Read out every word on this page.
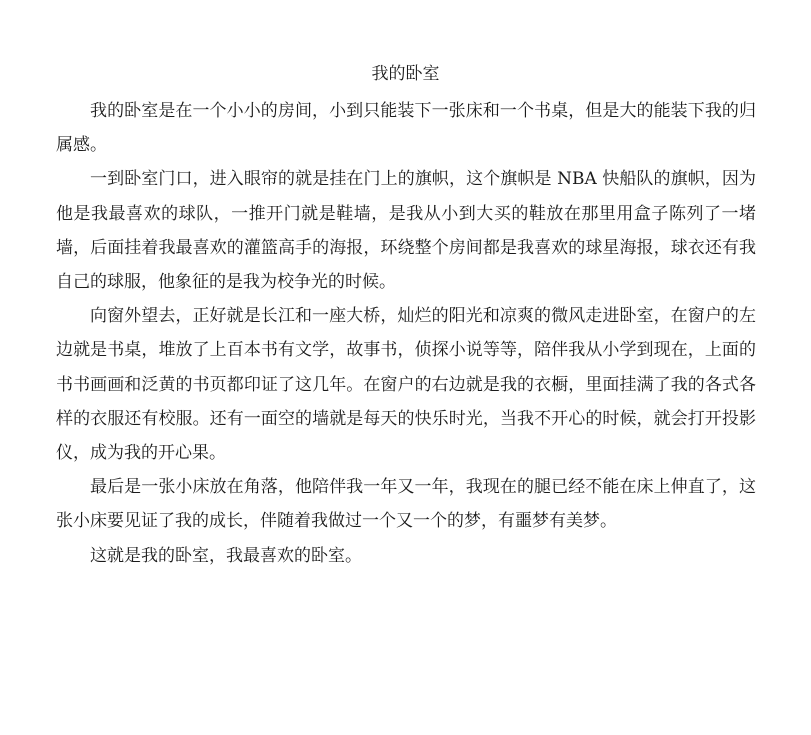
我的卧室

我的卧室是在一个小小的房间，小到只能装下一张床和一个书桌，但是大的能装下我的归属感。

一到卧室门口，进入眼帘的就是挂在门上的旗帜，这个旗帜是 NBA 快船队的旗帜，因为他是我最喜欢的球队，一推开门就是鞋墙，是我从小到大买的鞋放在那里用盒子陈列了一堵墙，后面挂着我最喜欢的灌篮高手的海报，环绕整个房间都是我喜欢的球星海报，球衣还有我自己的球服，他象征的是我为校争光的时候。

向窗外望去，正好就是长江和一座大桥，灿烂的阳光和凉爽的微风走进卧室，在窗户的左边就是书桌，堆放了上百本书有文学，故事书，侦探小说等等，陪伴我从小学到现在，上面的书书画画和泛黄的书页都印证了这几年。在窗户的右边就是我的衣橱，里面挂满了我的各式各样的衣服还有校服。还有一面空的墙就是每天的快乐时光，当我不开心的时候，就会打开投影仪，成为我的开心果。

最后是一张小床放在角落，他陪伴我一年又一年，我现在的腿已经不能在床上伸直了，这张小床要见证了我的成长，伴随着我做过一个又一个的梦，有噩梦有美梦。

这就是我的卧室，我最喜欢的卧室。
